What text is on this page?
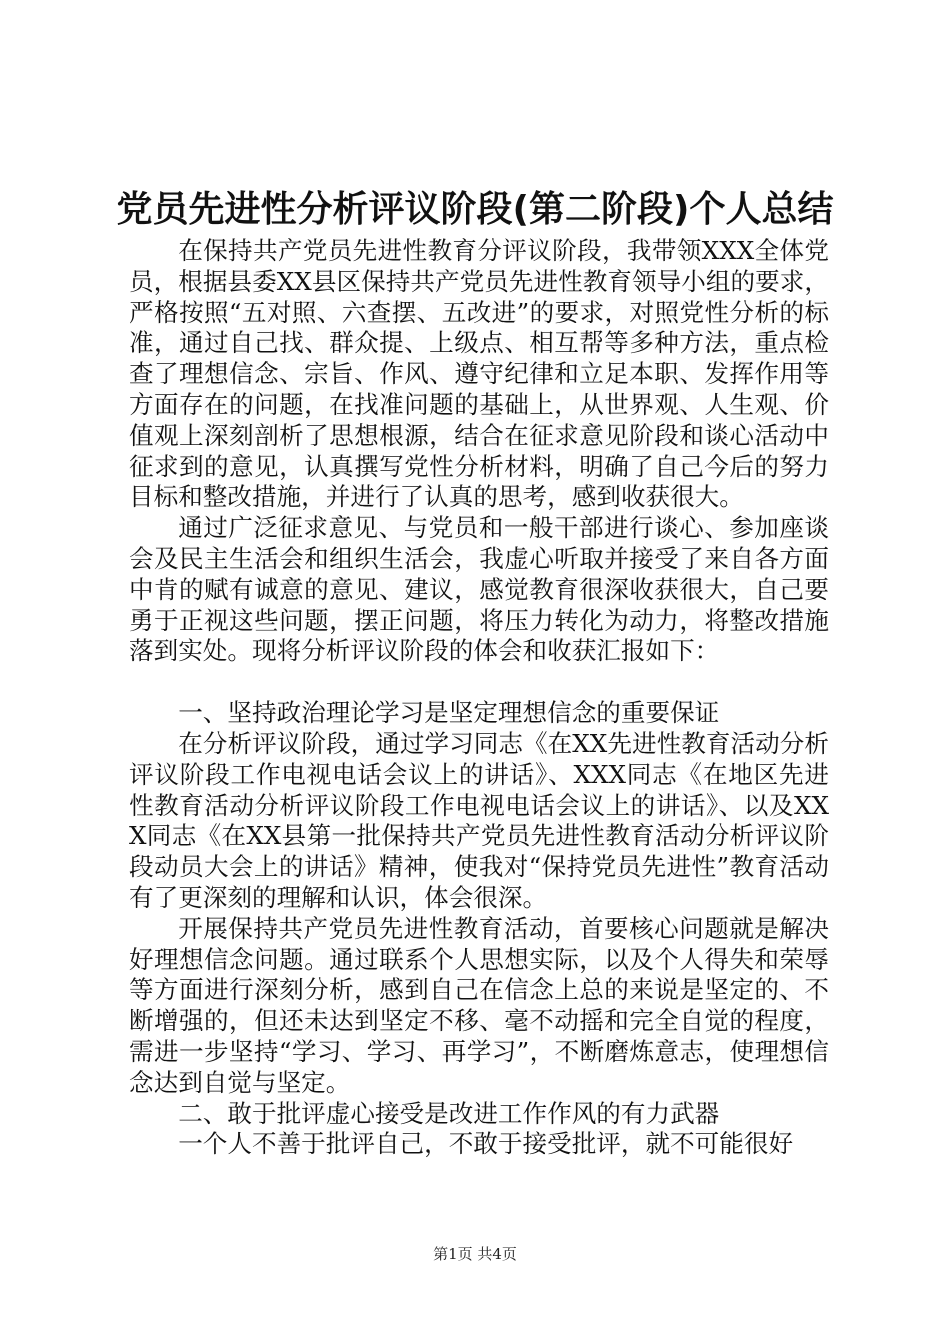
党员先进性分析评议阶段(第二阶段)个人总结

在保持共产党员先进性教育分评议阶段，我带领XXX全体党员，根据县委XX县区保持共产党员先进性教育领导小组的要求，严格按照“五对照、六查摆、五改进”的要求，对照党性分析的标准，通过自己找、群众提、上级点、相互帮等多种方法，重点检查了理想信念、宗旨、作风、遵守纪律和立足本职、发挥作用等方面存在的问题，在找准问题的基础上，从世界观、人生观、价值观上深刻剖析了思想根源，结合在征求意见阶段和谈心活动中征求到的意见，认真撰写党性分析材料，明确了自己今后的努力目标和整改措施，并进行了认真的思考，感到收获很大。

通过广泛征求意见、与党员和一般干部进行谈心、参加座谈会及民主生活会和组织生活会，我虚心听取并接受了来自各方面中肯的赋有诚意的意见、建议，感觉教育很深收获很大，自己要勇于正视这些问题，摆正问题，将压力转化为动力，将整改措施落到实处。现将分析评议阶段的体会和收获汇报如下：

一、坚持政治理论学习是坚定理想信念的重要保证

在分析评议阶段，通过学习同志《在XX先进性教育活动分析评议阶段工作电视电话会议上的讲话》、XXX同志《在地区先进性教育活动分析评议阶段工作电视电话会议上的讲话》、以及XXX同志《在XX县第一批保持共产党员先进性教育活动分析评议阶段动员大会上的讲话》精神，使我对“保持党员先进性”教育活动有了更深刻的理解和认识，体会很深。

开展保持共产党员先进性教育活动，首要核心问题就是解决好理想信念问题。通过联系个人思想实际，以及个人得失和荣辱等方面进行深刻分析，感到自己在信念上总的来说是坚定的、不断增强的，但还未达到坚定不移、毫不动摇和完全自觉的程度，需进一步坚持“学习、学习、再学习”，不断磨炼意志，使理想信念达到自觉与坚定。

二、敢于批评虚心接受是改进工作作风的有力武器

一个人不善于批评自己，不敢于接受批评，就不可能很好

第1页 共4页
